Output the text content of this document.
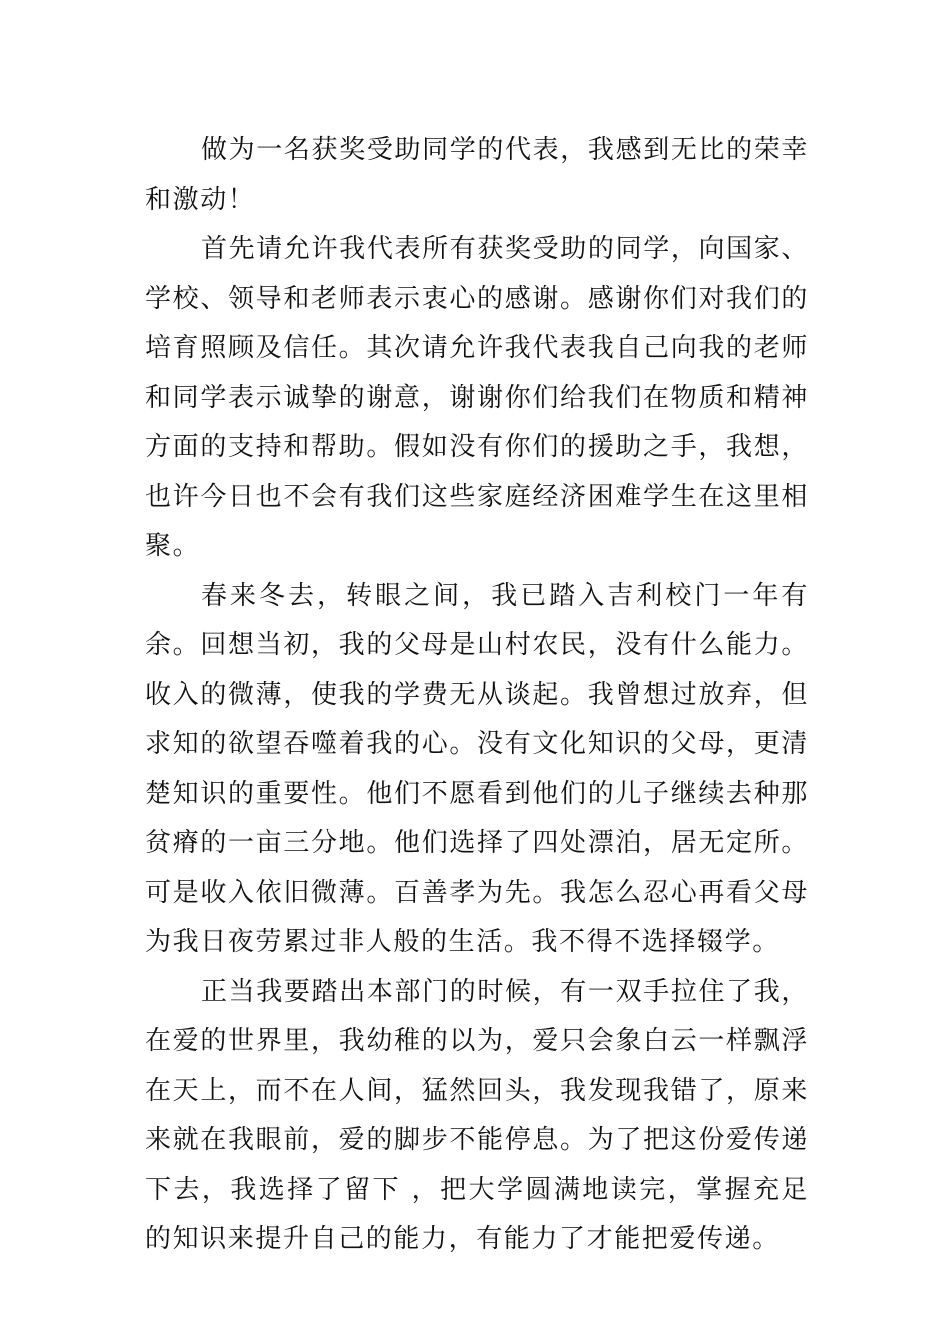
做为一名获奖受助同学的代表，我感到无比的荣幸和激动！

首先请允许我代表所有获奖受助的同学，向国家、学校、领导和老师表示衷心的感谢。感谢你们对我们的培育照顾及信任。其次请允许我代表我自己向我的老师和同学表示诚挚的谢意，谢谢你们给我们在物质和精神方面的支持和帮助。假如没有你们的援助之手，我想，也许今日也不会有我们这些家庭经济困难学生在这里相聚。

春来冬去，转眼之间，我已踏入吉利校门一年有余。回想当初，我的父母是山村农民，没有什么能力。收入的微薄，使我的学费无从谈起。我曾想过放弃，但求知的欲望吞噬着我的心。没有文化知识的父母，更清楚知识的重要性。他们不愿看到他们的儿子继续去种那贫瘠的一亩三分地。他们选择了四处漂泊，居无定所。可是收入依旧微薄。百善孝为先。我怎么忍心再看父母为我日夜劳累过非人般的生活。我不得不选择辍学。

正当我要踏出本部门的时候，有一双手拉住了我，在爱的世界里，我幼稚的以为，爱只会象白云一样飘浮在天上，而不在人间，猛然回头，我发现我错了，原来来就在我眼前，爱的脚步不能停息。为了把这份爱传递下去，我选择了留下 ，把大学圆满地读完，掌握充足的知识来提升自己的能力，有能力了才能把爱传递。
